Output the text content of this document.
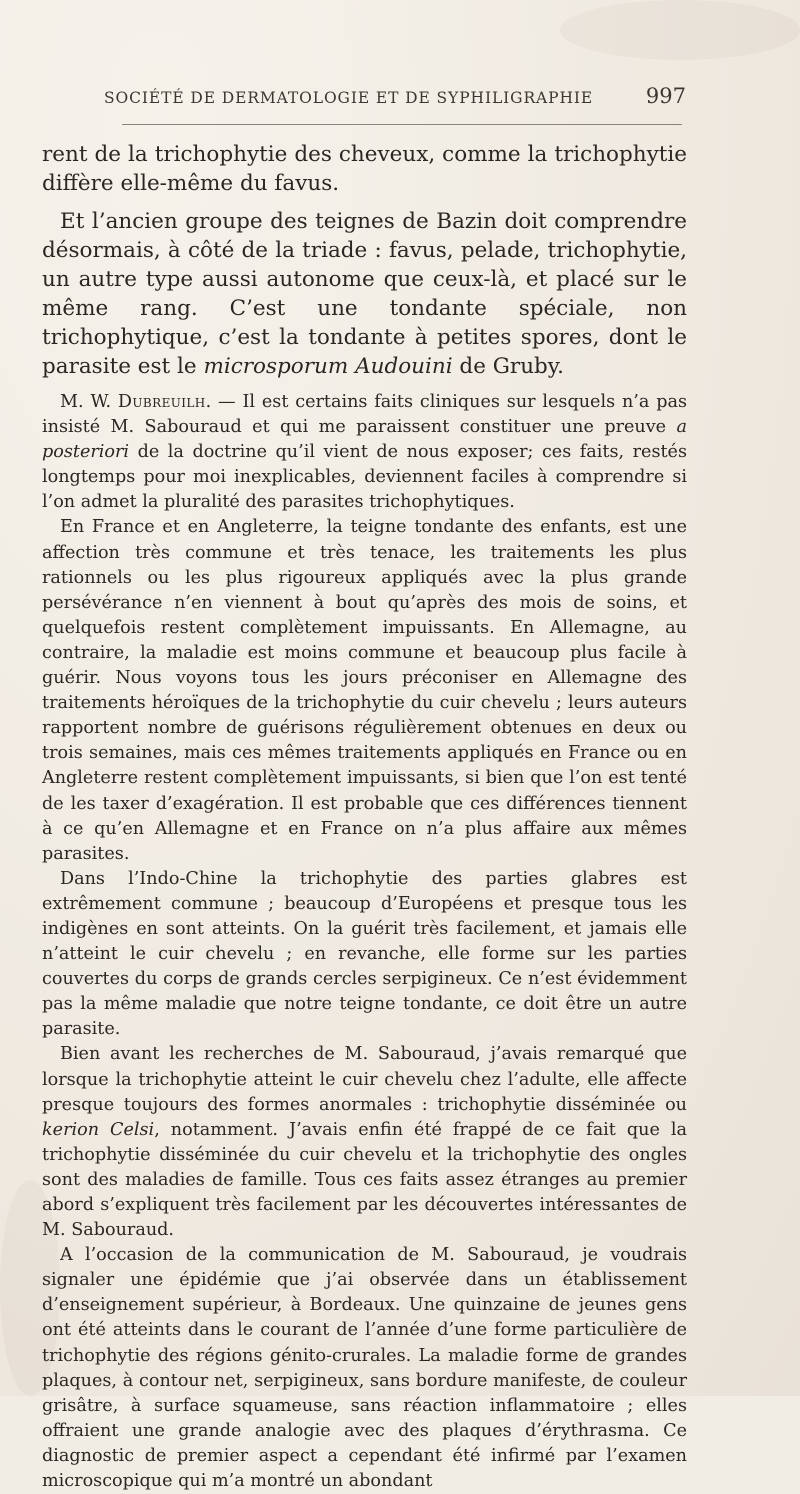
SOCIÉTÉ DE DERMATOLOGIE ET DE SYPHILIGRAPHIE	997

rent de la trichophytie des cheveux, comme la trichophytie diffère elle-même du favus.

Et l’ancien groupe des teignes de Bazin doit comprendre désormais, à côté de la triade : favus, pelade, trichophytie, un autre type aussi autonome que ceux-là, et placé sur le même rang. C’est une tondante spéciale, non trichophytique, c’est la tondante à petites spores, dont le parasite est le microsporum Audouini de Gruby.

M. W. Dubreuilh. — Il est certains faits cliniques sur lesquels n’a pas insisté M. Sabouraud et qui me paraissent constituer une preuve a posteriori de la doctrine qu’il vient de nous exposer; ces faits, restés longtemps pour moi inexplicables, deviennent faciles à comprendre si l’on admet la pluralité des parasites trichophytiques.

En France et en Angleterre, la teigne tondante des enfants, est une affection très commune et très tenace, les traitements les plus rationnels ou les plus rigoureux appliqués avec la plus grande persévérance n’en viennent à bout qu’après des mois de soins, et quelquefois restent complètement impuissants. En Allemagne, au contraire, la maladie est moins commune et beaucoup plus facile à guérir. Nous voyons tous les jours préconiser en Allemagne des traitements héroïques de la trichophytie du cuir chevelu ; leurs auteurs rapportent nombre de guérisons régulièrement obtenues en deux ou trois semaines, mais ces mêmes traitements appliqués en France ou en Angleterre restent complètement impuissants, si bien que l’on est tenté de les taxer d’exagération. Il est probable que ces différences tiennent à ce qu’en Allemagne et en France on n’a plus affaire aux mêmes parasites.

Dans l’Indo-Chine la trichophytie des parties glabres est extrêmement commune ; beaucoup d’Européens et presque tous les indigènes en sont atteints. On la guérit très facilement, et jamais elle n’atteint le cuir chevelu ; en revanche, elle forme sur les parties couvertes du corps de grands cercles serpigineux. Ce n’est évidemment pas la même maladie que notre teigne tondante, ce doit être un autre parasite.

Bien avant les recherches de M. Sabouraud, j’avais remarqué que lorsque la trichophytie atteint le cuir chevelu chez l’adulte, elle affecte presque toujours des formes anormales : trichophytie disséminée ou kerion Celsi, notamment. J’avais enfin été frappé de ce fait que la trichophytie disséminée du cuir chevelu et la trichophytie des ongles sont des maladies de famille. Tous ces faits assez étranges au premier abord s’expliquent très facilement par les découvertes intéressantes de M. Sabouraud.

A l’occasion de la communication de M. Sabouraud, je voudrais signaler une épidémie que j’ai observée dans un établissement d’enseignement supérieur, à Bordeaux. Une quinzaine de jeunes gens ont été atteints dans le courant de l’année d’une forme particulière de trichophytie des régions génito-crurales. La maladie forme de grandes plaques, à contour net, serpigineux, sans bordure manifeste, de couleur grisâtre, à surface squameuse, sans réaction inflammatoire ; elles offraient une grande analogie avec des plaques d’érythrasma. Ce diagnostic de premier aspect a cependant été infirmé par l’examen microscopique qui m’a montré un abondant
